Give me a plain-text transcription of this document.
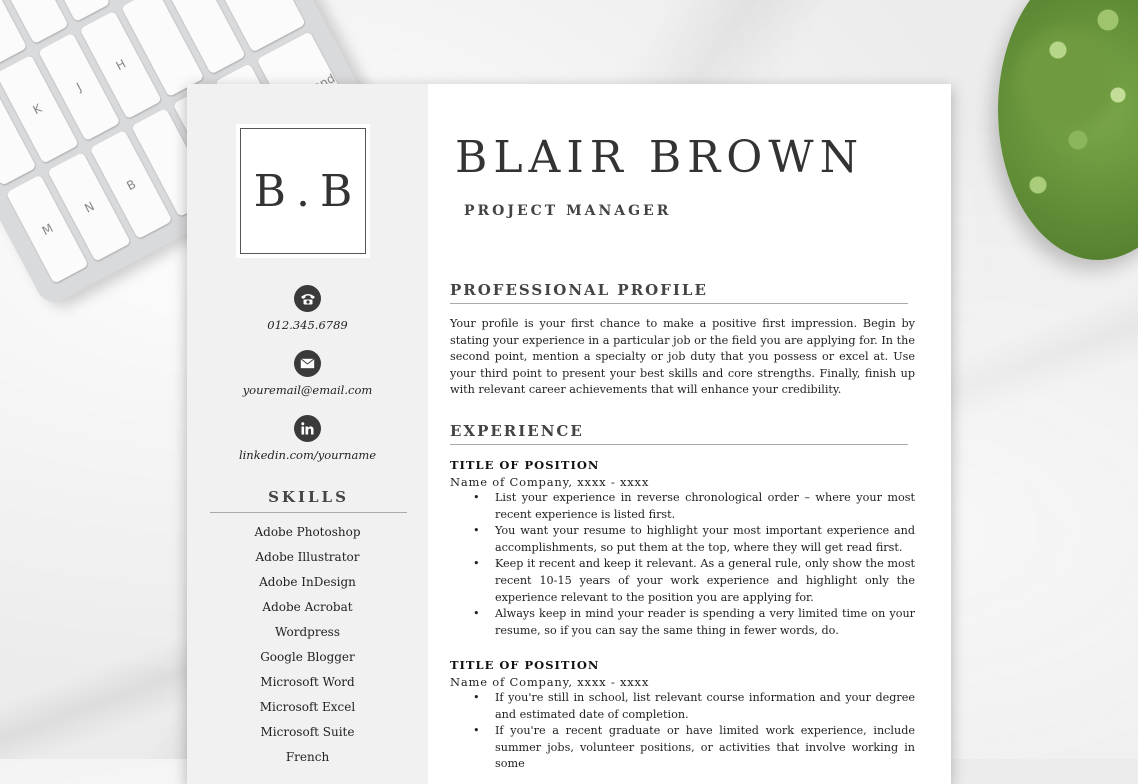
K
J
H
M
N
B	B.B
012.345.6789
youremail@email.com
linkedin.com/yourname
SKILLS
Adobe Photoshop
Adobe Illustrator
Adobe InDesign
Adobe Acrobat
Wordpress
Google Blogger
Microsoft Word
Microsoft Excel
Microsoft Suite
French
BLAIR BROWN
PROJECT MANAGER
PROFESSIONAL PROFILE

Your profile is your first chance to make a positive first impression. Begin by stating your experience in a particular job or the field you are applying for. In the second point, mention a specialty or job duty that you possess or excel at. Use your third point to present your best skills and core strengths. Finally, finish up with relevant career achievements that will enhance your credibility.

EXPERIENCE
TITLE OF POSITION
Name of Company, xxxx - xxxx
• List your experience in reverse chronological order – where your most recent experience is listed first.
• You want your resume to highlight your most important experience and accomplishments, so put them at the top, where they will get read first.
• Keep it recent and keep it relevant. As a general rule, only show the most recent 10-15 years of your work experience and highlight only the experience relevant to the position you are applying for.
• Always keep in mind your reader is spending a very limited time on your resume, so if you can say the same thing in fewer words, do.
TITLE OF POSITION
Name of Company, xxxx - xxxx
• If you're still in school, list relevant course information and your degree and estimated date of completion.
• If you're a recent graduate or have limited work experience, include summer jobs, volunteer positions, or activities that involve working in some
